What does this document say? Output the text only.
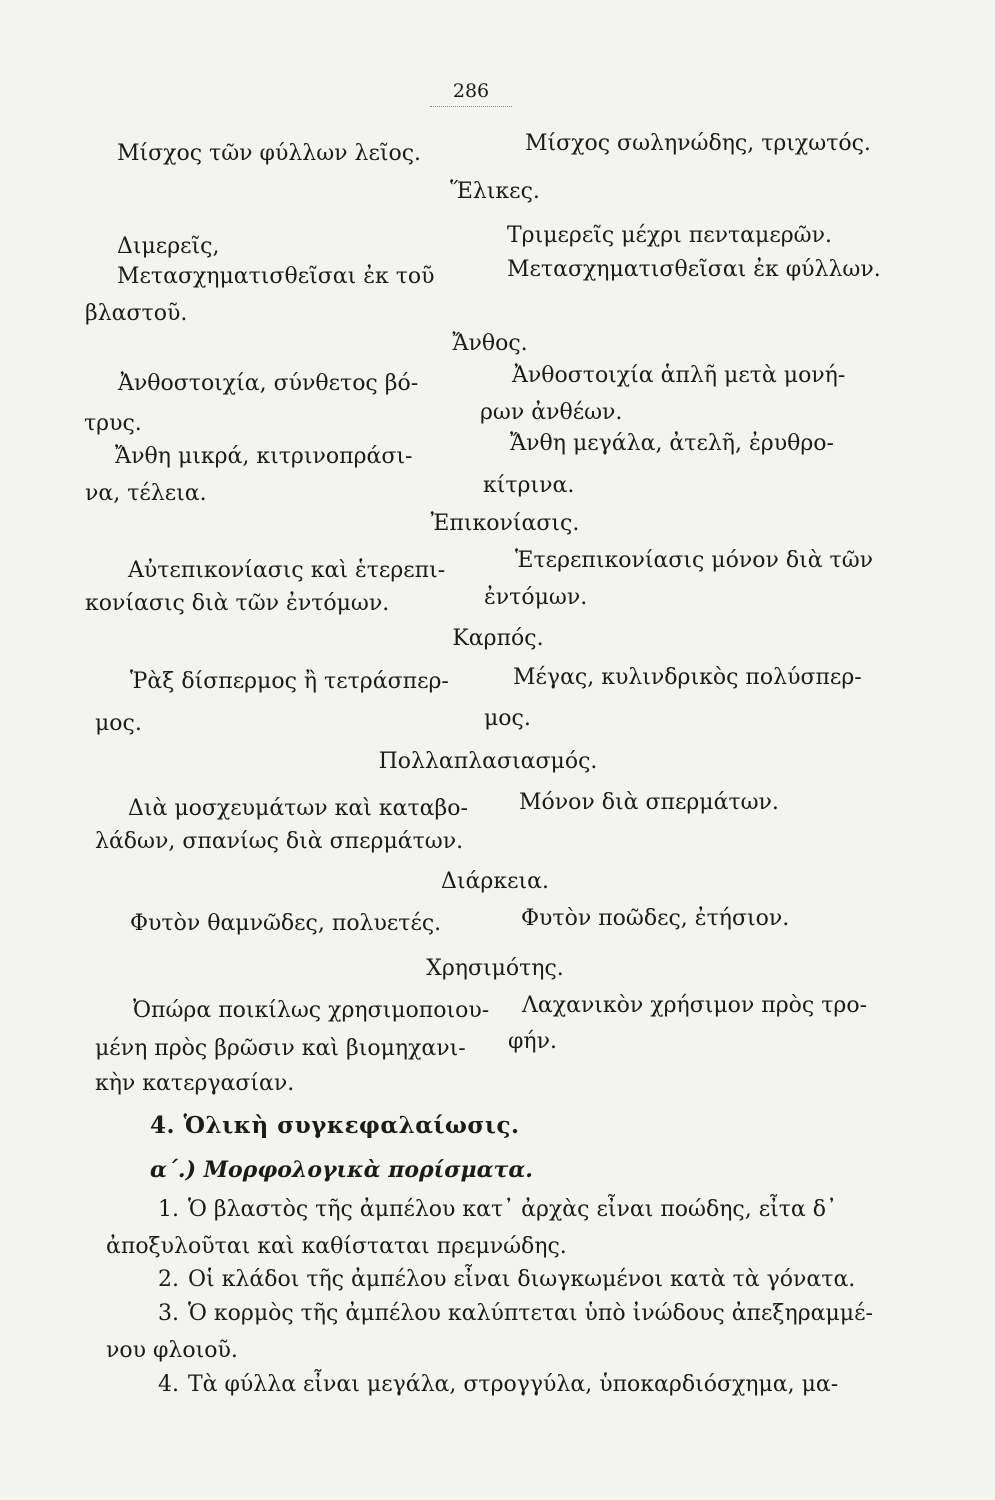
286
Μίσχος τῶν φύλλων λεῖος.	Μίσχος σωληνώδης, τριχωτός.
Ἕλικες.
Διμερεῖς,
Μετασχηματισθεῖσαι ἐκ τοῦ
βλαστοῦ.
Τριμερεῖς μέχρι πενταμερῶν.
Μετασχηματισθεῖσαι ἐκ φύλλων.
Ἄνθος.
Ἀνθοστοιχία, σύνθετος βό-
τρυς.
Ἄνθη μικρά, κιτρινοπράσι-
να, τέλεια.
Ἀνθοστοιχία ἁπλῆ μετὰ μονή-
ρων ἀνθέων.
Ἄνθη μεγάλα, ἀτελῆ, ἐρυθρο-
κίτρινα.
Ἐπικονίασις.
Αὐτεπικονίασις καὶ ἑτερεπι-
κονίασις διὰ τῶν ἐντόμων.
Ἑτερεπικονίασις μόνον διὰ τῶν
ἐντόμων.
Καρπός.
Ῥὰξ δίσπερμος ἢ τετράσπερ-
μος.
Μέγας, κυλινδρικὸς πολύσπερ-
μος.
Πολλαπλασιασμός.
Διὰ μοσχευμάτων καὶ καταβο-
λάδων, σπανίως διὰ σπερμάτων.
Μόνον διὰ σπερμάτων.
Διάρκεια.
Φυτὸν θαμνῶδες, πολυετές.	Φυτὸν ποῶδες, ἐτήσιον.
Χρησιμότης.
Ὀπώρα ποικίλως χρησιμοποιου-
μένη πρὸς βρῶσιν καὶ βιομηχανι-
κὴν κατεργασίαν.
Λαχανικὸν χρήσιμον πρὸς τρο-
φήν.
4. Ὁλικὴ συγκεφαλαίωσις.
α΄.) Μορφολογικὰ πορίσματα.
1. Ὁ βλαστὸς τῆς ἀμπέλου κατ᾽ ἀρχὰς εἶναι ποώδης, εἶτα δ᾽
ἀποξυλοῦται καὶ καθίσταται πρεμνώδης.
2. Οἱ κλάδοι τῆς ἀμπέλου εἶναι διωγκωμένοι κατὰ τὰ γόνατα.
3. Ὁ κορμὸς τῆς ἀμπέλου καλύπτεται ὑπὸ ἰνώδους ἀπεξηραμμέ-
νου φλοιοῦ.
4. Τὰ φύλλα εἶναι μεγάλα, στρογγύλα, ὑποκαρδιόσχημα, μα-
